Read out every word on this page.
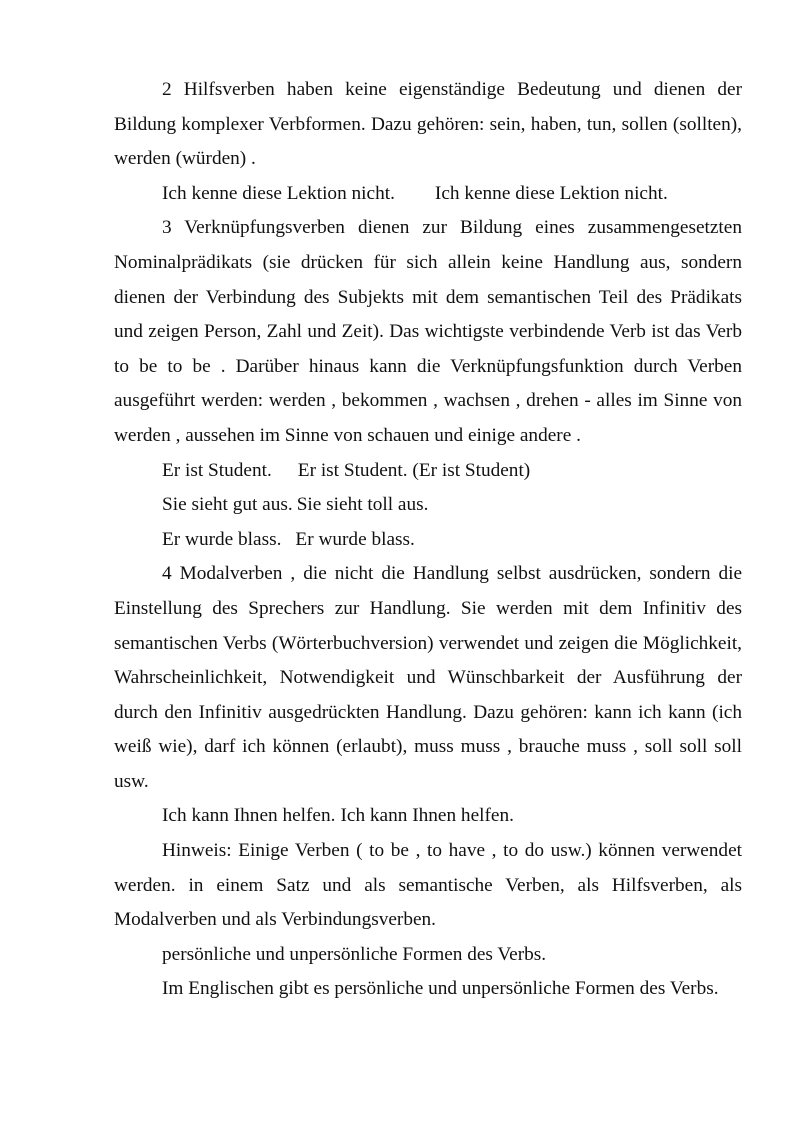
2 Hilfsverben haben keine eigenständige Bedeutung und dienen der Bildung komplexer Verbformen. Dazu gehören: sein, haben, tun, sollen (sollten), werden (würden) .

Ich kenne diese Lektion nicht. Ich kenne diese Lektion nicht.

3 Verknüpfungsverben dienen zur Bildung eines zusammengesetzten Nominalprädikats (sie drücken für sich allein keine Handlung aus, sondern dienen der Verbindung des Subjekts mit dem semantischen Teil des Prädikats und zeigen Person, Zahl und Zeit). Das wichtigste verbindende Verb ist das Verb to be to be . Darüber hinaus kann die Verknüpfungsfunktion durch Verben ausgeführt werden: werden , bekommen , wachsen , drehen - alles im Sinne von werden , aussehen im Sinne von schauen und einige andere .

Er ist Student. Er ist Student. (Er ist Student)
Sie sieht gut aus. Sie sieht toll aus.
Er wurde blass. Er wurde blass.

4 Modalverben , die nicht die Handlung selbst ausdrücken, sondern die Einstellung des Sprechers zur Handlung. Sie werden mit dem Infinitiv des semantischen Verbs (Wörterbuchversion) verwendet und zeigen die Möglichkeit, Wahrscheinlichkeit, Notwendigkeit und Wünschbarkeit der Ausführung der durch den Infinitiv ausgedrückten Handlung. Dazu gehören: kann ich kann (ich weiß wie), darf ich können (erlaubt), muss muss , brauche muss , soll soll soll usw.

Ich kann Ihnen helfen. Ich kann Ihnen helfen.

Hinweis: Einige Verben ( to be , to have , to do usw.) können verwendet werden. in einem Satz und als semantische Verben, als Hilfsverben, als Modalverben und als Verbindungsverben.

persönliche und unpersönliche Formen des Verbs.

Im Englischen gibt es persönliche und unpersönliche Formen des Verbs.
